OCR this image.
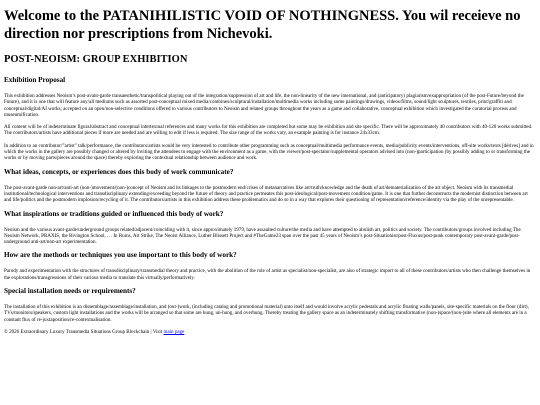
Welcome to the PATANIHILISTIC VOID OF NOTHINGNESS. You wil receieve no direction nor prescriptions from Nichevoki.
POST-NEOISM: GROUP EXHIBITION
Exhibition Proposal

This exhibition addresses Neoism’s post-avant-garde transaesthetic/transpolitical playing out of the integration/suppression of art and life, the non-linearity of the new international, and (anticipatory) plagiarism/exappropriation (of the post-Future/beyond the Future), and it is one that will feature any/all mediums such as assorted post-conceptual mixed media/combines/sculptural/installation/multimedia works including some paintings/drawings, videos/films, sound/light sculptures, textiles, print/graffiti and conceptual/digital/AI works; accepted on an open/non-selective conditions offered to various contributors to Neoism and related groups throughout the years as a game and collaborative, conceptual exhibition which investigated the curatorial process and museumification.

All content will be of indeterminate figural/abstract and conceptual intertextual references and many works for this exhibition are completed but some may be exhibition and site specific. There will be approximately 40 contributors with 40-120 works submitted. The contributors/artists have additional pieces if more are needed and are willing to edit if less is required. The size range of the works vary, an example painting is for instance 24x33cm.

In addition to an contributor/”artist” talk/performance, the contributors/artists would be very interested to contribute other programming such as conceptual/multimedia performance events, media/publicity events/interventions, off-site works/texts [dérives] and in which the works in the gallery are possibly changed or altered by inviting the attendees to engage with the environment as a game, with the viewer/post-spectator/supplemental operators advised into (non-)participation (by possibly adding to or transforming the works or by moving parts/pieces around the space) thereby exploring the contextual relationship between audience and work.

What ideas, concepts, or experiences does this body of work communicate?

The post-avant-garde non-art/anti-art (non-)movement/(non-)concept of Neoism and its linkages to the postmodern end/crises of metanarratives like art/truth/knowledge and the death of art/dematerialization of the art object. Neoism with its transmedial institutional/technological interventions and transdisciplinary extending/exceeding beyond the future of theory and practice permeates this post-ideological/post-movement condition/game. It is one that further deconstructs the modernist distinction between art and life/politics and the postmodern implosion/recycling of it. The contributors/artists in this exhibition address these problematics and do so in a way that explores their questioning of representation/reference/identity via the play of the unrepresentable.

What inspirations or traditions guided or influenced this body of work?

Neoism and the various avant-garde/underground groups related/adjacent/coinciding with it, since approximately 1979, have assaulted culture/the media and have attempted to abolish art, politics and society. The contributors/groups involved including The Neoism Network, PRAXIS, the Rivington School, … In Ruins, Art Strike, The Neoist Alliance, Luther Blissett Project and #TheGame23 span over the past 45 years of Neoism’s post-Situationist/post-Fluxus/post-punk contemporary post-avant-garde/post-underground anti-art/non-art experimentation.

How are the methods or techniques you use important to this body of work?

Parody and experimentation with the structures of transdisciplinary/transmedial theory and practice, with the abolition of the role of artist as specialist/non-specialist, are also of strategic import to all of these contributors/artists who then challenge themselves in the explorations/transgressions of their various media to translate this virtually/performatively.

Special installation needs or requirements?

The installation of this exhibition is an dissemblage/assemblage/installation, and (out-)work, (including catalog and promotional material) unto itself and would involve acrylic pedestals and acrylic floating walls/panels, site-specific materials on the floor (dirt), TVs/monitors/speakers, custom light installations and the works will be arranged so that some are hung, un-hung, and overhung. Thereby treating the gallery space as an indeterminately shifting transformative (non-)space/(non-)site where all elements are in a constant flux of re-juxtaposition/re-contextualisation.

© 2026 Extraordinary Luxury Transmedia Situations Group Blockchain | Visit main page
